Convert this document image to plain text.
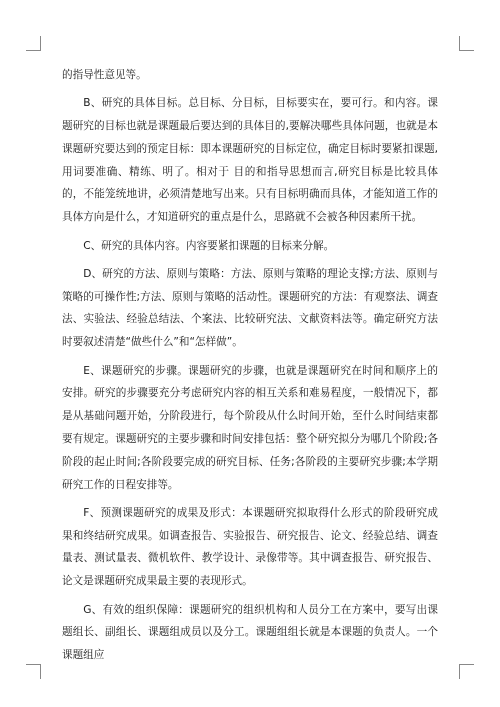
的指导性意见等。

B、研究的具体目标。总目标、分目标，目标要实在，要可行。和内容。课题研究的目标也就是课题最后要达到的具体目的,要解决哪些具体问题，也就是本课题研究要达到的预定目标：即本课题研究的目标定位，确定目标时要紧扣课题,用词要准确、精练、明了。相对于 目的和指导思想而言,研究目标是比较具体的，不能笼统地讲，必须清楚地写出来。只有目标明确而具体，才能知道工作的具体方向是什么，才知道研究的重点是什么，思路就不会被各种因素所干扰。

C、研究的具体内容。内容要紧扣课题的目标来分解。

D、研究的方法、原则与策略：方法、原则与策略的理论支撑;方法、原则与策略的可操作性;方法、原则与策略的活动性。课题研究的方法：有观察法、调查法、实验法、经验总结法、个案法、比较研究法、文献资料法等。确定研究方法时要叙述清楚“做些什么”和“怎样做”。

E、课题研究的步骤。课题研究的步骤，也就是课题研究在时间和顺序上的安排。研究的步骤要充分考虑研究内容的相互关系和难易程度，一般情况下，都是从基础问题开始，分阶段进行，每个阶段从什么时间开始，至什么时间结束都要有规定。课题研究的主要步骤和时间安排包括：整个研究拟分为哪几个阶段;各阶段的起止时间;各阶段要完成的研究目标、任务;各阶段的主要研究步骤;本学期研究工作的日程安排等。

F、预测课题研究的成果及形式：本课题研究拟取得什么形式的阶段研究成果和终结研究成果。如调查报告、实验报告、研究报告、论文、经验总结、调查量表、测试量表、微机软件、教学设计、录像带等。其中调查报告、研究报告、论文是课题研究成果最主要的表现形式。

G、有效的组织保障：课题研究的组织机构和人员分工在方案中，要写出课题组长、副组长、课题组成员以及分工。课题组组长就是本课题的负责人。一个课题组应
